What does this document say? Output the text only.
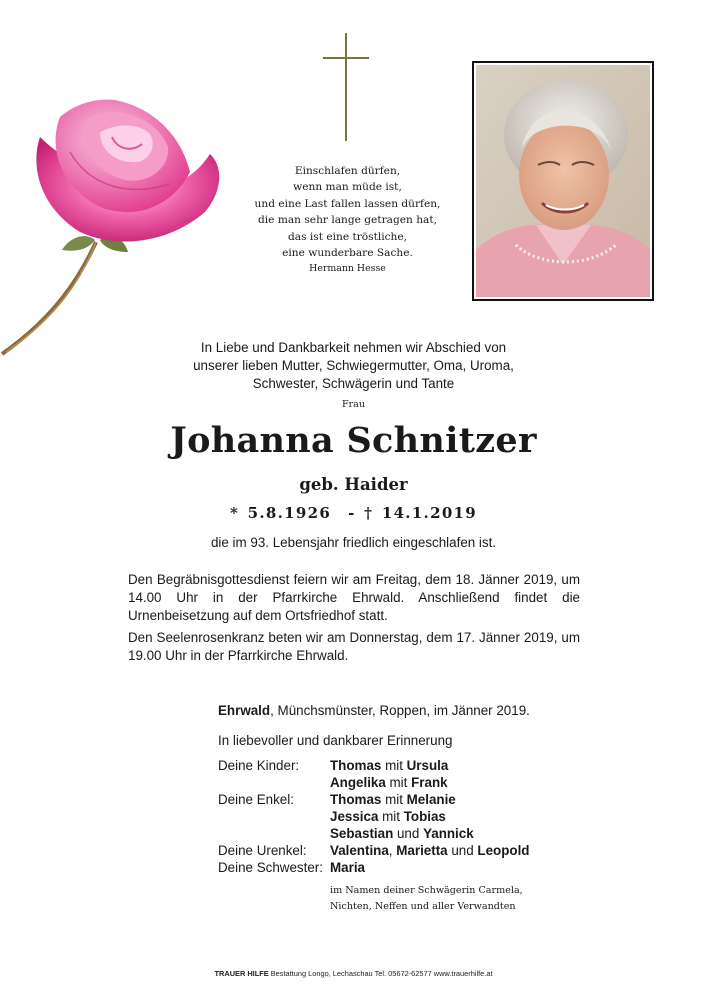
Einschlafen dürfen,
wenn man müde ist,
und eine Last fallen lassen dürfen,
die man sehr lange getragen hat,
das ist eine tröstliche,
eine wunderbare Sache.
Hermann Hesse
In Liebe und Dankbarkeit nehmen wir Abschied von
unserer lieben Mutter, Schwiegermutter, Oma, Uroma,
Schwester, Schwägerin und Tante
Frau
Johanna Schnitzer
geb. Haider
* 5.8.1926  - † 14.1.2019
die im 93. Lebensjahr friedlich eingeschlafen ist.
Den Begräbnisgottesdienst feiern wir am Freitag, dem 18. Jänner 2019, um 14.00 Uhr in der Pfarrkirche Ehrwald. Anschließend findet die Urnenbeisetzung auf dem Ortsfriedhof statt.
Den Seelenrosenkranz beten wir am Donnerstag, dem 17. Jänner 2019, um 19.00 Uhr in der Pfarrkirche Ehrwald.
Ehrwald, Münchsmünster, Roppen, im Jänner 2019.
In liebevoller und dankbarer Erinnerung
Deine Kinder: Thomas mit Ursula
Angelika mit Frank
Deine Enkel:	Thomas mit Melanie
Jessica mit Tobias
Sebastian und Yannick
Deine Urenkel: Valentina, Marietta und Leopold
Deine Schwester: Maria
im Namen deiner Schwägerin Carmela,
Nichten, Neffen und aller Verwandten
TRAUER HILFE Bestattung Longo, Lechaschau Tel. 05672-62577 www.trauerhilfe.at
